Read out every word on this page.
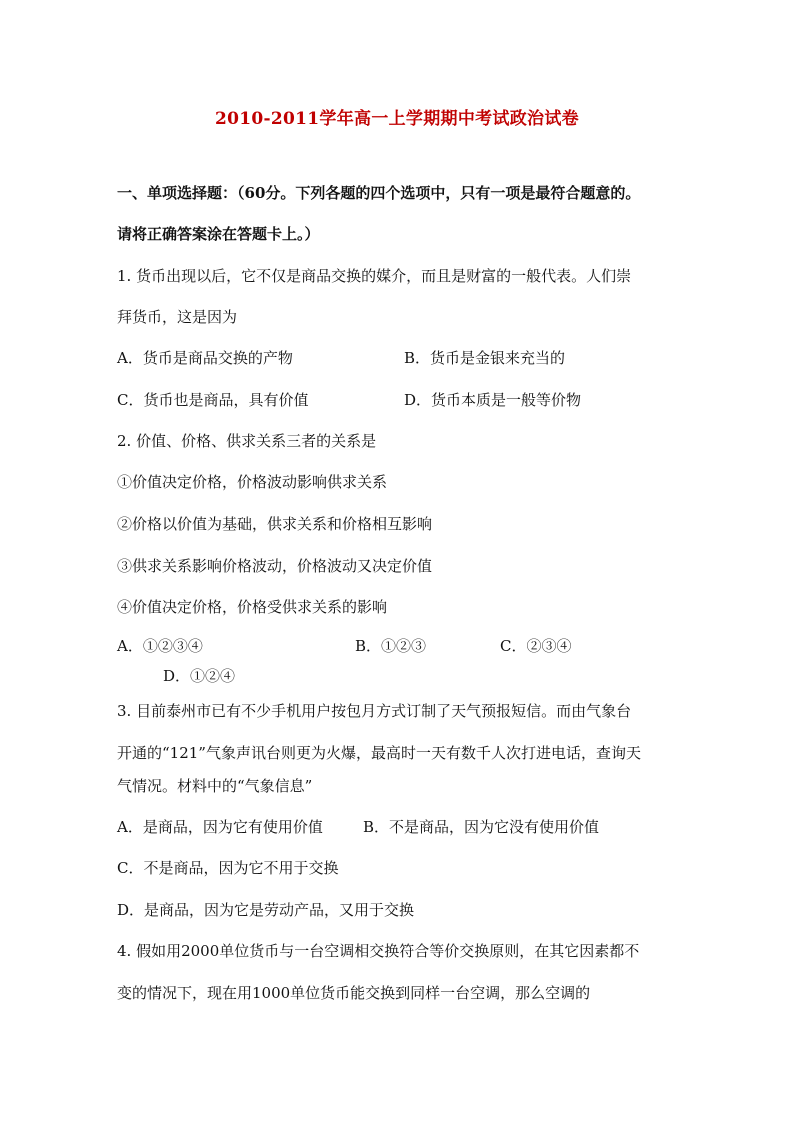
2010-2011学年高一上学期期中考试政治试卷
一、单项选择题：（60分。下列各题的四个选项中，只有一项是最符合题意的。
请将正确答案涂在答题卡上。）
1. 货币出现以后，它不仅是商品交换的媒介，而且是财富的一般代表。人们崇
拜货币，这是因为
A．货币是商品交换的产物	B．货币是金银来充当的
C．货币也是商品，具有价值	D．货币本质是一般等价物
2. 价值、价格、供求关系三者的关系是
①价值决定价格，价格波动影响供求关系
②价格以价值为基础，供求关系和价格相互影响
③供求关系影响价格波动，价格波动又决定价值
④价值决定价格，价格受供求关系的影响
A．①②③④	B．①②③	C．②③④
D．①②④
3. 目前泰州市已有不少手机用户按包月方式订制了天气预报短信。而由气象台
开通的“121”气象声讯台则更为火爆，最高时一天有数千人次打进电话，查询天
气情况。材料中的“气象信息”
A．是商品，因为它有使用价值	B．不是商品，因为它没有使用价值
C．不是商品，因为它不用于交换
D．是商品，因为它是劳动产品，又用于交换
4. 假如用2000单位货币与一台空调相交换符合等价交换原则，在其它因素都不
变的情况下，现在用1000单位货币能交换到同样一台空调，那么空调的
